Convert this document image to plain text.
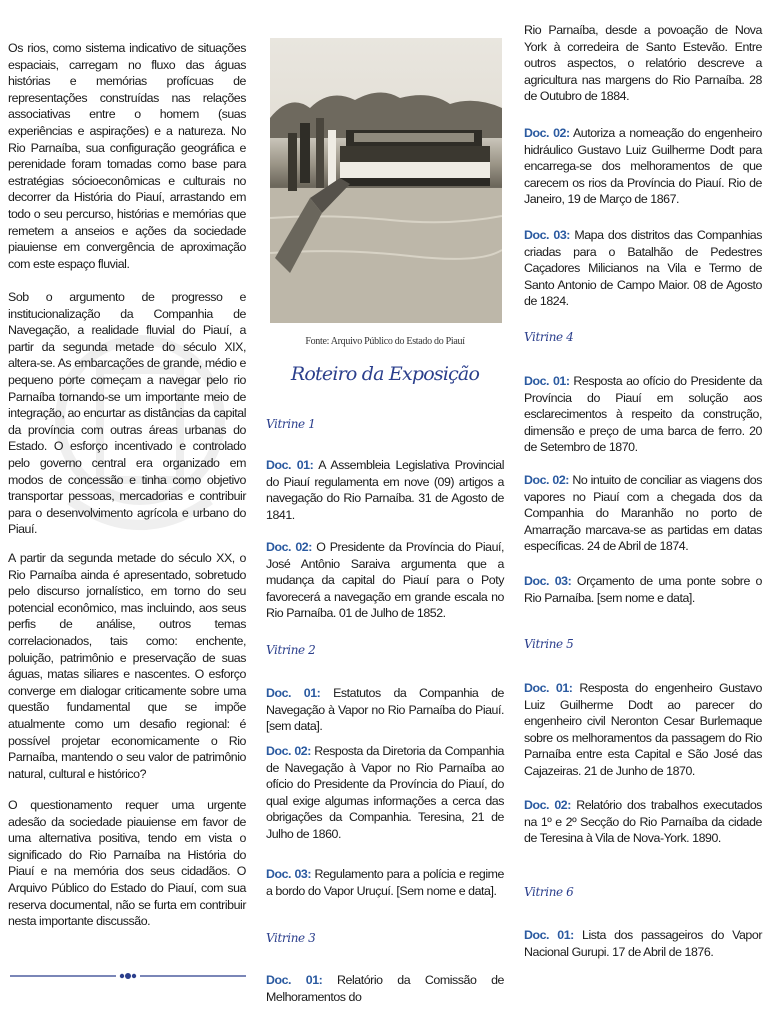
Os rios, como sistema indicativo de situações espaciais, carregam no fluxo das águas histórias e memórias profícuas de representações construídas nas relações associativas entre o homem (suas experiências e aspirações) e a natureza. No Rio Parnaíba, sua configuração geográfica e perenidade foram tomadas como base para estratégias sócioeconômicas e culturais no decorrer da História do Piauí, arrastando em todo o seu percurso, histórias e memórias que remetem a anseios e ações da sociedade piauiense em convergência de aproximação com este espaço fluvial.

Sob o argumento de progresso e institucionalização da Companhia de Navegação, a realidade fluvial do Piauí, a partir da segunda metade do século XIX, altera-se. As embarcações de grande, médio e pequeno porte começam a navegar pelo rio Parnaíba tornando-se um importante meio de integração, ao encurtar as distâncias da capital da província com outras áreas urbanas do Estado. O esforço incentivado e controlado pelo governo central era organizado em modos de concessão e tinha como objetivo transportar pessoas, mercadorias e contribuir para o desenvolvimento agrícola e urbano do Piauí.

A partir da segunda metade do século XX, o Rio Parnaíba ainda é apresentado, sobretudo pelo discurso jornalístico, em torno do seu potencial econômico, mas incluindo, aos seus perfis de análise, outros temas correlacionados, tais como: enchente, poluição, patrimônio e preservação de suas águas, matas siliares e nascentes. O esforço converge em dialogar criticamente sobre uma questão fundamental que se impõe atualmente como um desafio regional: é possível projetar economicamente o Rio Parnaíba, mantendo o seu valor de patrimônio natural, cultural e histórico?

O questionamento requer uma urgente adesão da sociedade piauiense em favor de uma alternativa positiva, tendo em vista o significado do Rio Parnaíba na História do Piauí e na memória dos seus cidadãos. O Arquivo Público do Estado do Piauí, com sua reserva documental, não se furta em contribuir nesta importante discussão.

Fonte: Arquivo Público do Estado do Piauí
Roteiro da Exposição
Vitrine 1

Doc. 01: A Assembleia Legislativa Provincial do Piauí regulamenta em nove (09) artigos a navegação do Rio Parnaíba. 31 de Agosto de 1841.

Doc. 02: O Presidente da Província do Piauí, José Antônio Saraiva argumenta que a mudança da capital do Piauí para o Poty favorecerá a navegação em grande escala no Rio Parnaíba. 01 de Julho de 1852.

Vitrine 2

Doc. 01: Estatutos da Companhia de Navegação à Vapor no Rio Parnaíba do Piauí. [sem data].

Doc. 02: Resposta da Diretoria da Companhia de Navegação à Vapor no Rio Parnaíba ao ofício do Presidente da Província do Piauí, do qual exige algumas informações a cerca das obrigações da Companhia. Teresina, 21 de Julho de 1860.

Doc. 03: Regulamento para a polícia e regime a bordo do Vapor Uruçuí. [Sem nome e data].

Vitrine 3

Doc. 01: Relatório da Comissão de Melhoramentos do

Rio Parnaíba, desde a povoação de Nova York à corredeira de Santo Estevão. Entre outros aspectos, o relatório descreve a agricultura nas margens do Rio Parnaíba. 28 de Outubro de 1884.

Doc. 02: Autoriza a nomeação do engenheiro hidráulico Gustavo Luiz Guilherme Dodt para encarrega-se dos melhoramentos de que carecem os rios da Província do Piauí. Rio de Janeiro, 19 de Março de 1867.

Doc. 03: Mapa dos distritos das Companhias criadas para o Batalhão de Pedestres Caçadores Milicianos na Vila e Termo de Santo Antonio de Campo Maior. 08 de Agosto de 1824.

Vitrine 4

Doc. 01: Resposta ao ofício do Presidente da Província do Piauí em solução aos esclarecimentos à respeito da construção, dimensão e preço de uma barca de ferro. 20 de Setembro de 1870.

Doc. 02: No intuito de conciliar as viagens dos vapores no Piauí com a chegada dos da Companhia do Maranhão no porto de Amarração marcava-se as partidas em datas específicas. 24 de Abril de 1874.

Doc. 03: Orçamento de uma ponte sobre o Rio Parnaíba. [sem nome e data].

Vitrine 5

Doc. 01: Resposta do engenheiro Gustavo Luiz Guilherme Dodt ao parecer do engenheiro civil Neronton Cesar Burlemaque sobre os melhoramentos da passagem do Rio Parnaíba entre esta Capital e São José das Cajazeiras. 21 de Junho de 1870.

Doc. 02: Relatório dos trabalhos executados na 1º e 2º Secção do Rio Parnaíba da cidade de Teresina à Vila de Nova-York. 1890.

Vitrine 6

Doc. 01: Lista dos passageiros do Vapor Nacional Gurupi. 17 de Abril de 1876.
